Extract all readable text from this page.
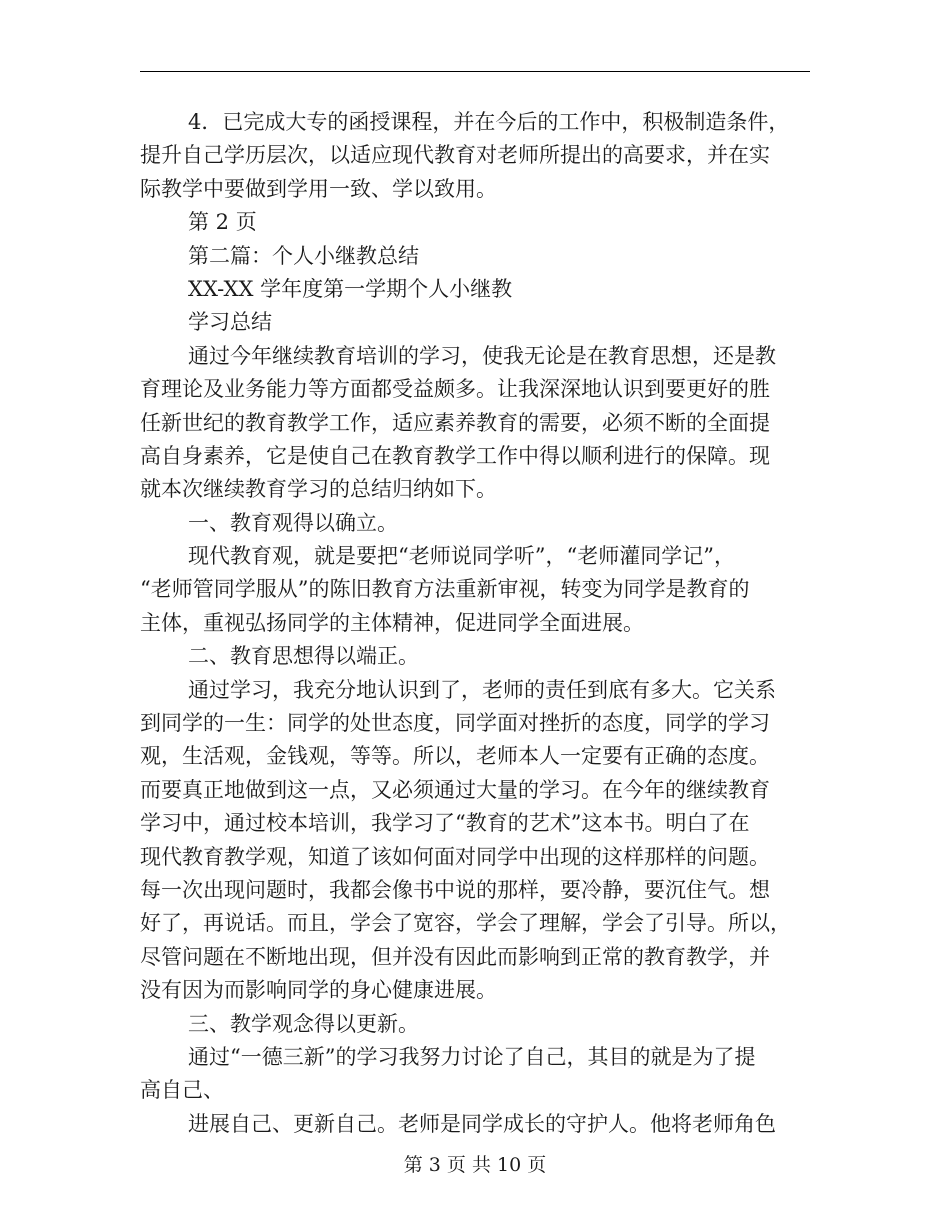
4．已完成大专的函授课程，并在今后的工作中，积极制造条件，
提升自己学历层次，以适应现代教育对老师所提出的高要求，并在实
际教学中要做到学用一致、学以致用。
第 2 页
第二篇：个人小继教总结
XX-XX 学年度第一学期个人小继教
学习总结
通过今年继续教育培训的学习，使我无论是在教育思想，还是教
育理论及业务能力等方面都受益颇多。让我深深地认识到要更好的胜
任新世纪的教育教学工作，适应素养教育的需要，必须不断的全面提
高自身素养，它是使自己在教育教学工作中得以顺利进行的保障。现
就本次继续教育学习的总结归纳如下。
一、教育观得以确立。
现代教育观，就是要把“老师说同学听”，“老师灌同学记”，
“老师管同学服从”的陈旧教育方法重新审视，转变为同学是教育的
主体，重视弘扬同学的主体精神，促进同学全面进展。
二、教育思想得以端正。
通过学习，我充分地认识到了，老师的责任到底有多大。它关系
到同学的一生：同学的处世态度，同学面对挫折的态度，同学的学习
观，生活观，金钱观，等等。所以，老师本人一定要有正确的态度。
而要真正地做到这一点，又必须通过大量的学习。在今年的继续教育
学习中，通过校本培训，我学习了“教育的艺术”这本书。明白了在
现代教育教学观，知道了该如何面对同学中出现的这样那样的问题。
每一次出现问题时，我都会像书中说的那样，要冷静，要沉住气。想
好了，再说话。而且，学会了宽容，学会了理解，学会了引导。所以，
尽管问题在不断地出现，但并没有因此而影响到正常的教育教学，并
没有因为而影响同学的身心健康进展。
三、教学观念得以更新。
通过“一德三新”的学习我努力讨论了自己，其目的就是为了提
高自己、
进展自己、更新自己。老师是同学成长的守护人。他将老师角色
第 3 页 共 10 页
